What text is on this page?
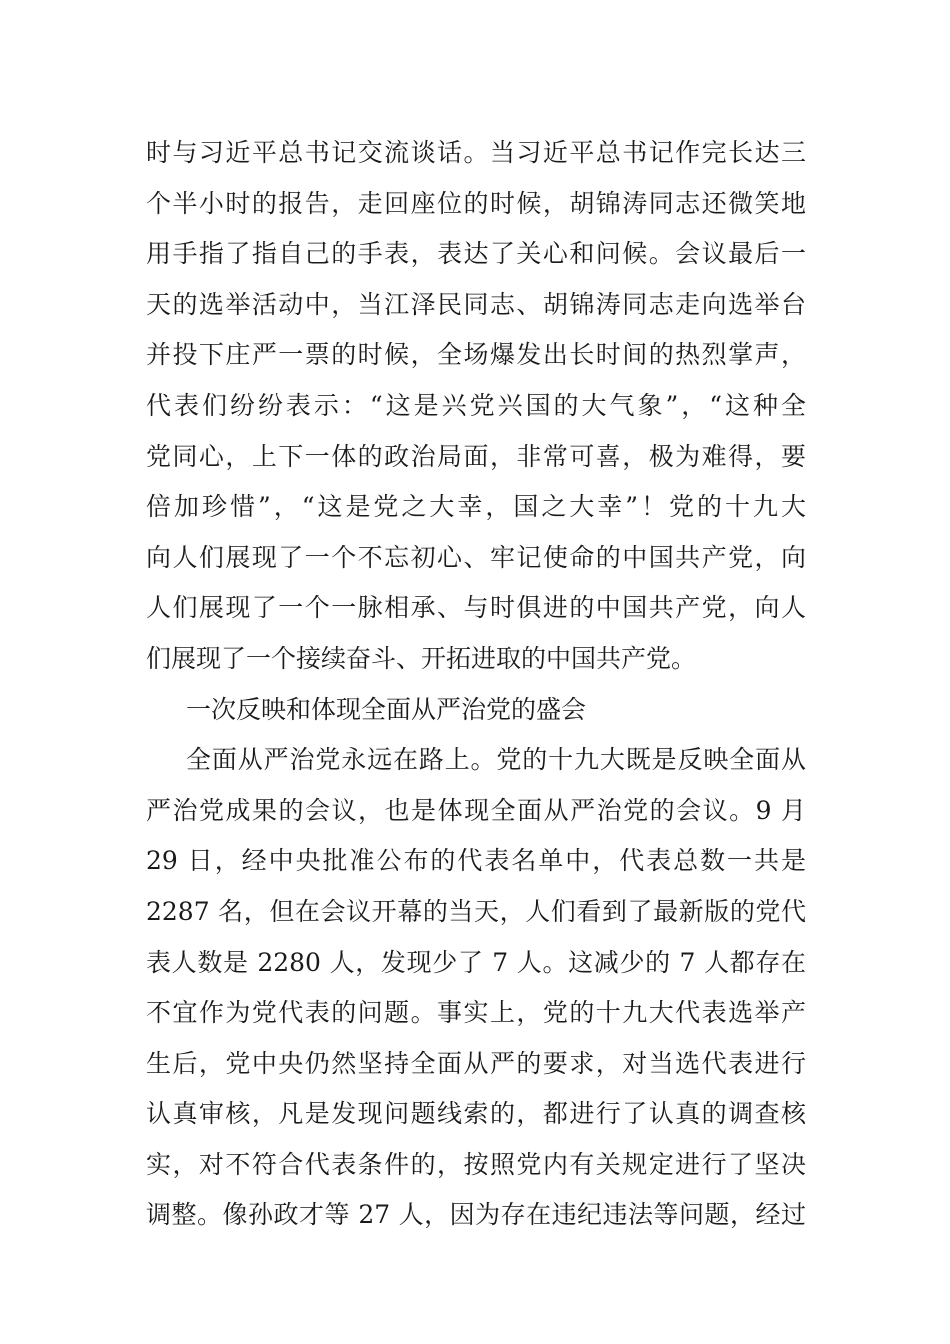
时与习近平总书记交流谈话。当习近平总书记作完长达三
个半小时的报告，走回座位的时候，胡锦涛同志还微笑地
用手指了指自己的手表，表达了关心和问候。会议最后一
天的选举活动中，当江泽民同志、胡锦涛同志走向选举台
并投下庄严一票的时候，全场爆发出长时间的热烈掌声，
代表们纷纷表示：“这是兴党兴国的大气象”，“这种全
党同心，上下一体的政治局面，非常可喜，极为难得，要
倍加珍惜”，“这是党之大幸，国之大幸”！党的十九大
向人们展现了一个不忘初心、牢记使命的中国共产党，向
人们展现了一个一脉相承、与时俱进的中国共产党，向人
们展现了一个接续奋斗、开拓进取的中国共产党。
一次反映和体现全面从严治党的盛会
全面从严治党永远在路上。党的十九大既是反映全面从
严治党成果的会议，也是体现全面从严治党的会议。9 月
29 日，经中央批准公布的代表名单中，代表总数一共是
2287 名，但在会议开幕的当天，人们看到了最新版的党代
表人数是 2280 人，发现少了 7 人。这减少的 7 人都存在
不宜作为党代表的问题。事实上，党的十九大代表选举产
生后，党中央仍然坚持全面从严的要求，对当选代表进行
认真审核，凡是发现问题线索的，都进行了认真的调查核
实，对不符合代表条件的，按照党内有关规定进行了坚决
调整。像孙政才等 27 人，因为存在违纪违法等问题，经过
